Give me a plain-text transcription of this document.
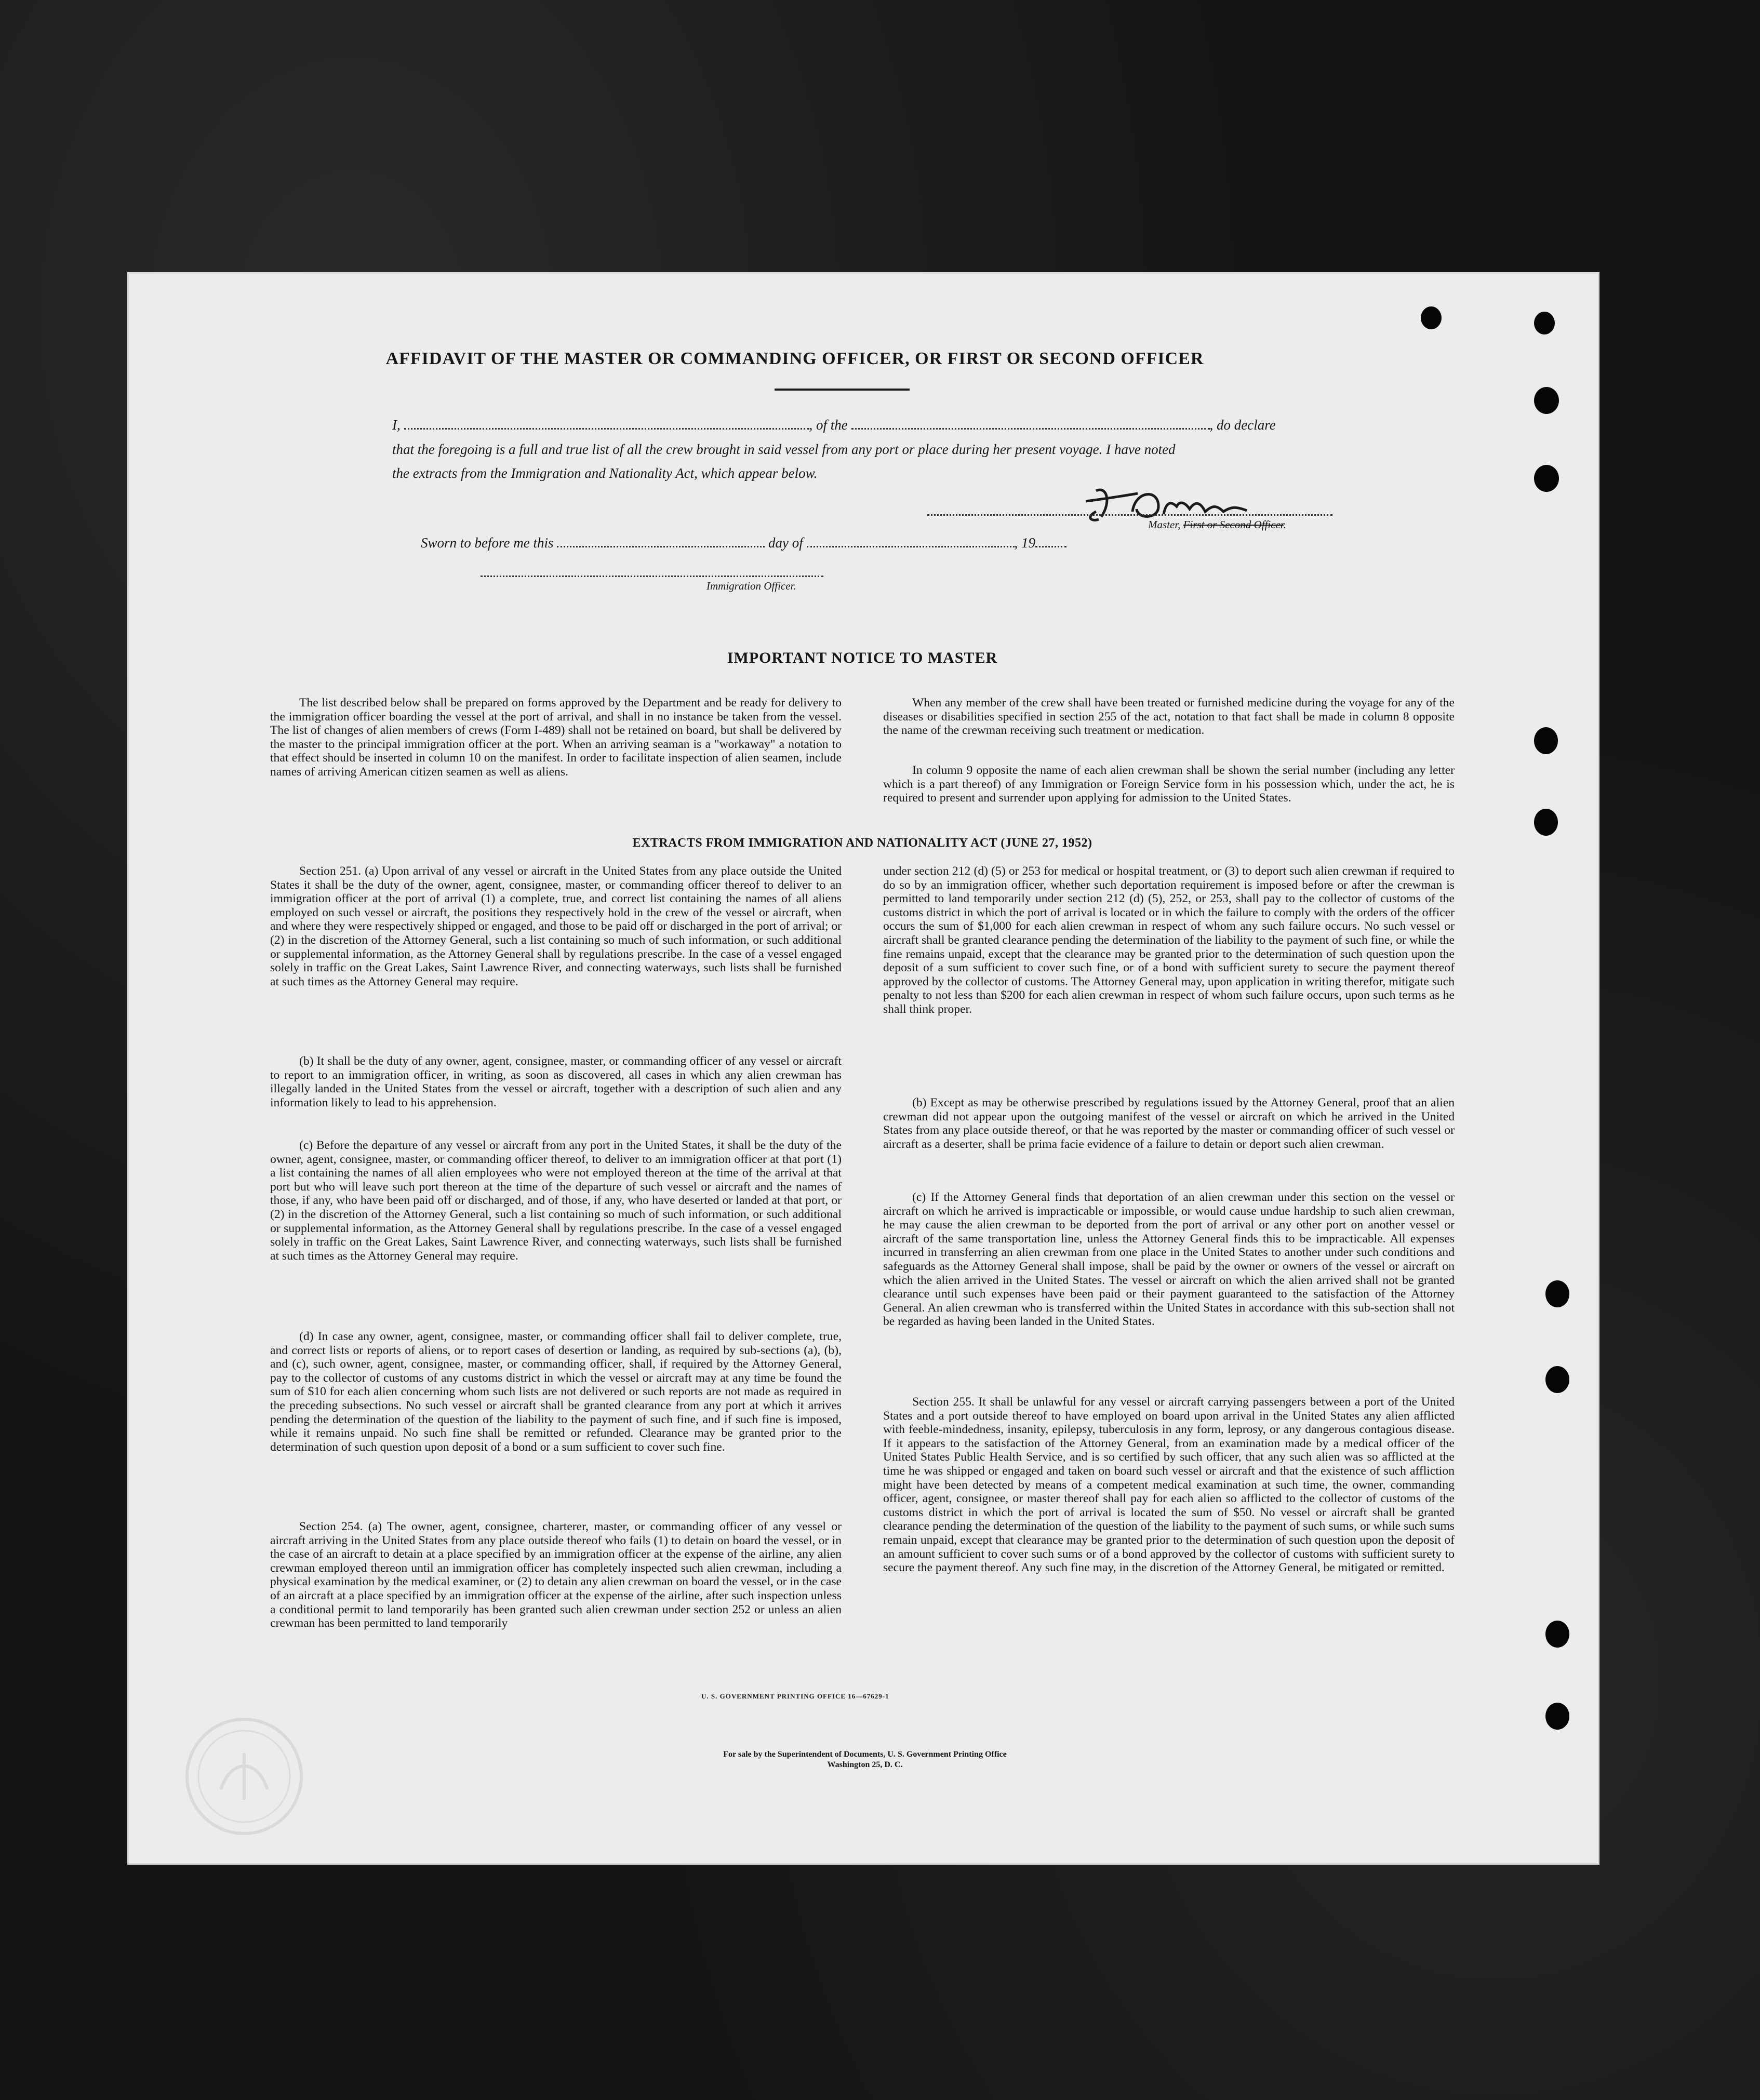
AFFIDAVIT OF THE MASTER OR COMMANDING OFFICER, OR FIRST OR SECOND OFFICER
I,	, of the	, do declare
that the foregoing is a full and true list of all the crew brought in said vessel from any port or place during her present voyage. I have noted
the extracts from the Immigration and Nationality Act, which appear below.
Master, First or Second Officer.
Sworn to before me this	day of	, 19
Immigration Officer.
IMPORTANT NOTICE TO MASTER
The list described below shall be prepared on forms approved by the Department and be ready for delivery to the immigration officer boarding the vessel at the port of arrival, and shall in no instance be taken from the vessel. The list of changes of alien members of crews (Form I-489) shall not be retained on board, but shall be delivered by the master to the principal immigration officer at the port. When an arriving seaman is a "workaway" a notation to that effect should be inserted in column 10 on the manifest. In order to facilitate inspection of alien seamen, include names of arriving American citizen seamen as well as aliens.
When any member of the crew shall have been treated or furnished medicine during the voyage for any of the diseases or disabilities specified in section 255 of the act, notation to that fact shall be made in column 8 opposite the name of the crewman receiving such treatment or medication.
In column 9 opposite the name of each alien crewman shall be shown the serial number (including any letter which is a part thereof) of any Immigration or Foreign Service form in his possession which, under the act, he is required to present and surrender upon applying for admission to the United States.
EXTRACTS FROM IMMIGRATION AND NATIONALITY ACT (JUNE 27, 1952)
Section 251. (a) Upon arrival of any vessel or aircraft in the United States from any place outside the United States it shall be the duty of the owner, agent, consignee, master, or commanding officer thereof to deliver to an immigration officer at the port of arrival (1) a complete, true, and correct list containing the names of all aliens employed on such vessel or aircraft, the positions they respectively hold in the crew of the vessel or aircraft, when and where they were respectively shipped or engaged, and those to be paid off or discharged in the port of arrival; or (2) in the discretion of the Attorney General, such a list containing so much of such information, or such additional or supplemental information, as the Attorney General shall by regulations prescribe. In the case of a vessel engaged solely in traffic on the Great Lakes, Saint Lawrence River, and connecting waterways, such lists shall be furnished at such times as the Attorney General may require.
(b) It shall be the duty of any owner, agent, consignee, master, or commanding officer of any vessel or aircraft to report to an immigration officer, in writing, as soon as discovered, all cases in which any alien crewman has illegally landed in the United States from the vessel or aircraft, together with a description of such alien and any information likely to lead to his apprehension.
(c) Before the departure of any vessel or aircraft from any port in the United States, it shall be the duty of the owner, agent, consignee, master, or commanding officer thereof, to deliver to an immigration officer at that port (1) a list containing the names of all alien employees who were not employed thereon at the time of the arrival at that port but who will leave such port thereon at the time of the departure of such vessel or aircraft and the names of those, if any, who have been paid off or discharged, and of those, if any, who have deserted or landed at that port, or (2) in the discretion of the Attorney General, such a list containing so much of such information, or such additional or supplemental information, as the Attorney General shall by regulations prescribe. In the case of a vessel engaged solely in traffic on the Great Lakes, Saint Lawrence River, and connecting waterways, such lists shall be furnished at such times as the Attorney General may require.
(d) In case any owner, agent, consignee, master, or commanding officer shall fail to deliver complete, true, and correct lists or reports of aliens, or to report cases of desertion or landing, as required by sub-sections (a), (b), and (c), such owner, agent, consignee, master, or commanding officer, shall, if required by the Attorney General, pay to the collector of customs of any customs district in which the vessel or aircraft may at any time be found the sum of $10 for each alien concerning whom such lists are not delivered or such reports are not made as required in the preceding subsections. No such vessel or aircraft shall be granted clearance from any port at which it arrives pending the determination of the question of the liability to the payment of such fine, and if such fine is imposed, while it remains unpaid. No such fine shall be remitted or refunded. Clearance may be granted prior to the determination of such question upon deposit of a bond or a sum sufficient to cover such fine.
Section 254. (a) The owner, agent, consignee, charterer, master, or commanding officer of any vessel or aircraft arriving in the United States from any place outside thereof who fails (1) to detain on board the vessel, or in the case of an aircraft to detain at a place specified by an immigration officer at the expense of the airline, any alien crewman employed thereon until an immigration officer has completely inspected such alien crewman, including a physical examination by the medical examiner, or (2) to detain any alien crewman on board the vessel, or in the case of an aircraft at a place specified by an immigration officer at the expense of the airline, after such inspection unless a conditional permit to land temporarily has been granted such alien crewman under section 252 or unless an alien crewman has been permitted to land temporarily
under section 212 (d) (5) or 253 for medical or hospital treatment, or (3) to deport such alien crewman if required to do so by an immigration officer, whether such deportation requirement is imposed before or after the crewman is permitted to land temporarily under section 212 (d) (5), 252, or 253, shall pay to the collector of customs of the customs district in which the port of arrival is located or in which the failure to comply with the orders of the officer occurs the sum of $1,000 for each alien crewman in respect of whom any such failure occurs. No such vessel or aircraft shall be granted clearance pending the determination of the liability to the payment of such fine, or while the fine remains unpaid, except that the clearance may be granted prior to the determination of such question upon the deposit of a sum sufficient to cover such fine, or of a bond with sufficient surety to secure the payment thereof approved by the collector of customs. The Attorney General may, upon application in writing therefor, mitigate such penalty to not less than $200 for each alien crewman in respect of whom such failure occurs, upon such terms as he shall think proper.
(b) Except as may be otherwise prescribed by regulations issued by the Attorney General, proof that an alien crewman did not appear upon the outgoing manifest of the vessel or aircraft on which he arrived in the United States from any place outside thereof, or that he was reported by the master or commanding officer of such vessel or aircraft as a deserter, shall be prima facie evidence of a failure to detain or deport such alien crewman.
(c) If the Attorney General finds that deportation of an alien crewman under this section on the vessel or aircraft on which he arrived is impracticable or impossible, or would cause undue hardship to such alien crewman, he may cause the alien crewman to be deported from the port of arrival or any other port on another vessel or aircraft of the same transportation line, unless the Attorney General finds this to be impracticable. All expenses incurred in transferring an alien crewman from one place in the United States to another under such conditions and safeguards as the Attorney General shall impose, shall be paid by the owner or owners of the vessel or aircraft on which the alien arrived in the United States. The vessel or aircraft on which the alien arrived shall not be granted clearance until such expenses have been paid or their payment guaranteed to the satisfaction of the Attorney General. An alien crewman who is transferred within the United States in accordance with this sub-section shall not be regarded as having been landed in the United States.
Section 255. It shall be unlawful for any vessel or aircraft carrying passengers between a port of the United States and a port outside thereof to have employed on board upon arrival in the United States any alien afflicted with feeble-mindedness, insanity, epilepsy, tuberculosis in any form, leprosy, or any dangerous contagious disease. If it appears to the satisfaction of the Attorney General, from an examination made by a medical officer of the United States Public Health Service, and is so certified by such officer, that any such alien was so afflicted at the time he was shipped or engaged and taken on board such vessel or aircraft and that the existence of such affliction might have been detected by means of a competent medical examination at such time, the owner, commanding officer, agent, consignee, or master thereof shall pay for each alien so afflicted to the collector of customs of the customs district in which the port of arrival is located the sum of $50. No vessel or aircraft shall be granted clearance pending the determination of the question of the liability to the payment of such sums, or while such sums remain unpaid, except that clearance may be granted prior to the determination of such question upon the deposit of an amount sufficient to cover such sums or of a bond approved by the collector of customs with sufficient surety to secure the payment thereof. Any such fine may, in the discretion of the Attorney General, be mitigated or remitted.
U. S. GOVERNMENT PRINTING OFFICE 16—67629-1
For sale by the Superintendent of Documents, U. S. Government Printing Office
Washington 25, D. C.
